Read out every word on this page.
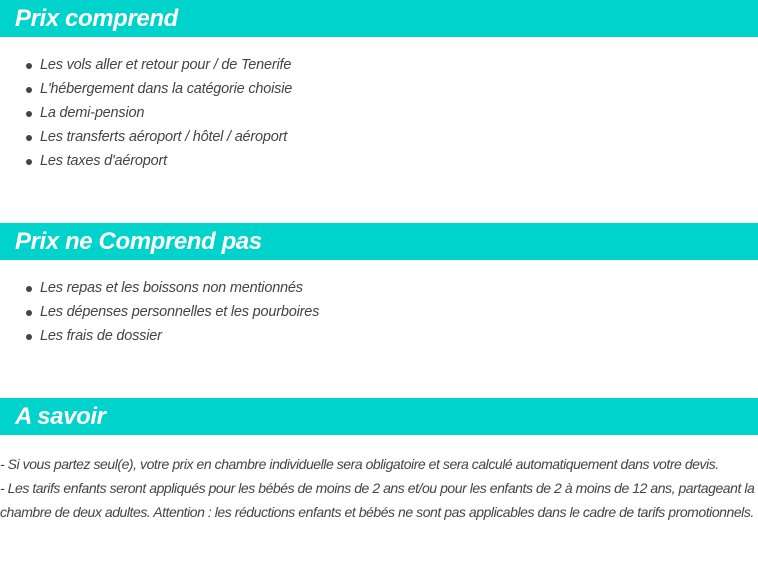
Prix comprend
Les vols aller et retour pour / de Tenerife
L'hébergement dans la catégorie choisie
La demi-pension
Les transferts aéroport / hôtel / aéroport
Les taxes d'aéroport
Prix ne Comprend pas
Les repas et les boissons non mentionnés
Les dépenses personnelles et les pourboires
Les frais de dossier
A savoir

- Si vous partez seul(e), votre prix en chambre individuelle sera obligatoire et sera calculé automatiquement dans votre devis.

- Les tarifs enfants seront appliqués pour les bébés de moins de 2 ans et/ou pour les enfants de 2 à moins de 12 ans, partageant la chambre de deux adultes. Attention : les réductions enfants et bébés ne sont pas applicables dans le cadre de tarifs promotionnels.
